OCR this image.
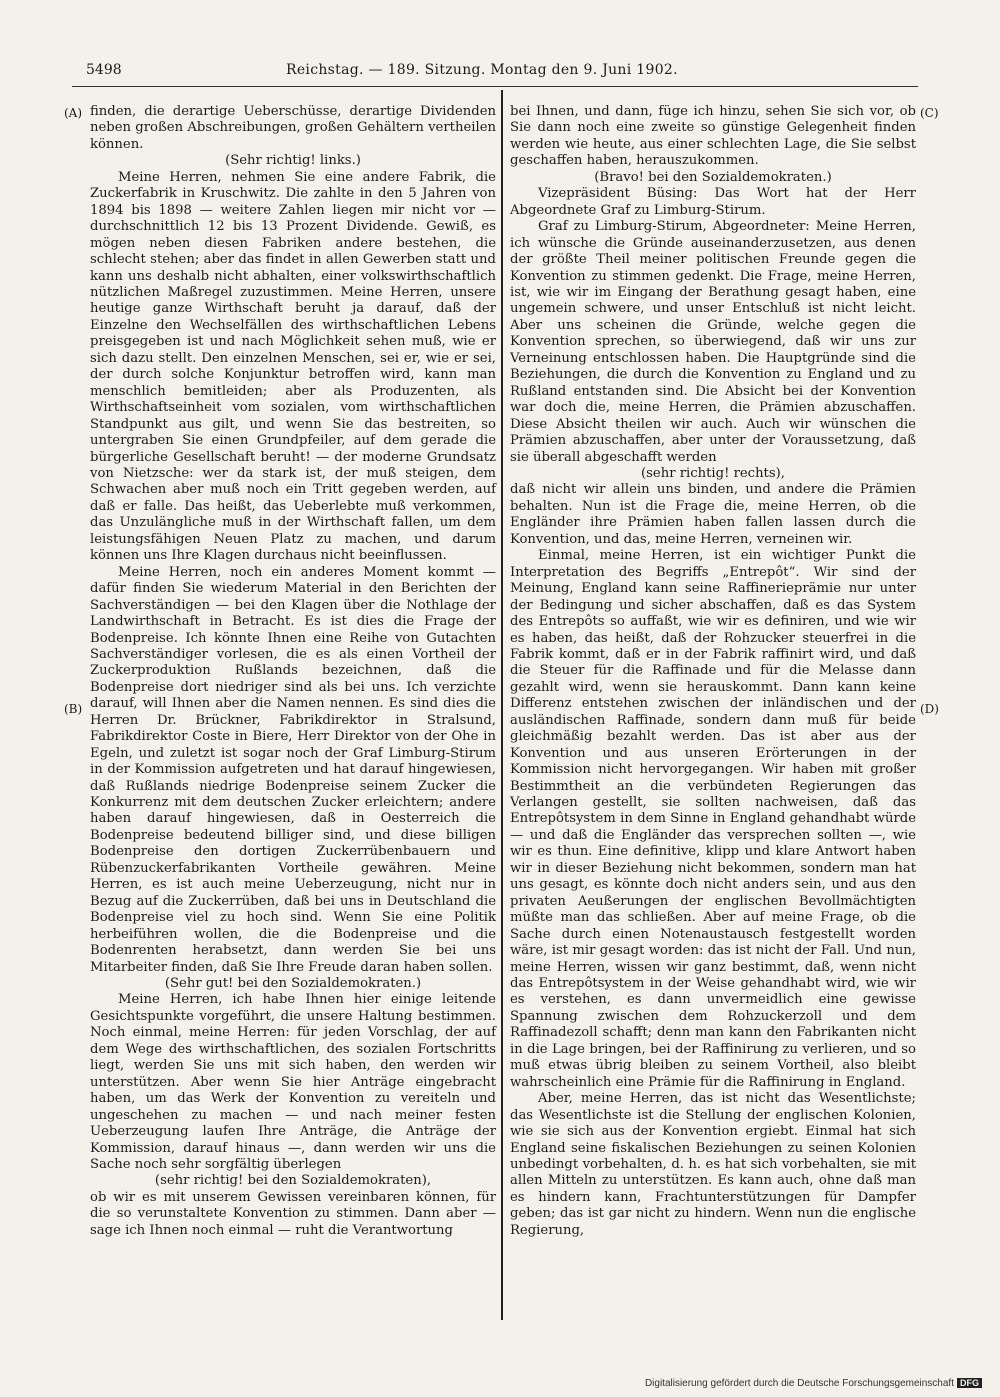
5498	Reichstag. — 189. Sitzung. Montag den 9. Juni 1902.
(A)
(B)
(C)
(D)

finden, die derartige Ueberschüsse, derartige Dividenden neben großen Abschreibungen, großen Gehältern vertheilen können.

(Sehr richtig! links.)

Meine Herren, nehmen Sie eine andere Fabrik, die Zuckerfabrik in Kruschwitz. Die zahlte in den 5 Jahren von 1894 bis 1898 — weitere Zahlen liegen mir nicht vor — durchschnittlich 12 bis 13 Prozent Dividende. Gewiß, es mögen neben diesen Fabriken andere bestehen, die schlecht stehen; aber das findet in allen Gewerben statt und kann uns deshalb nicht abhalten, einer volkswirthschaftlich nützlichen Maßregel zuzustimmen. Meine Herren, unsere heutige ganze Wirthschaft beruht ja darauf, daß der Einzelne den Wechselfällen des wirthschaftlichen Lebens preisgegeben ist und nach Möglichkeit sehen muß, wie er sich dazu stellt. Den einzelnen Menschen, sei er, wie er sei, der durch solche Konjunktur betroffen wird, kann man menschlich bemitleiden; aber als Produzenten, als Wirthschaftseinheit vom sozialen, vom wirthschaftlichen Standpunkt aus gilt, und wenn Sie das bestreiten, so untergraben Sie einen Grundpfeiler, auf dem gerade die bürgerliche Gesellschaft beruht! — der moderne Grundsatz von Nietzsche: wer da stark ist, der muß steigen, dem Schwachen aber muß noch ein Tritt gegeben werden, auf daß er falle. Das heißt, das Ueberlebte muß verkommen, das Unzulängliche muß in der Wirthschaft fallen, um dem leistungsfähigen Neuen Platz zu machen, und darum können uns Ihre Klagen durchaus nicht beeinflussen.

Meine Herren, noch ein anderes Moment kommt — dafür finden Sie wiederum Material in den Berichten der Sachverständigen — bei den Klagen über die Nothlage der Landwirthschaft in Betracht. Es ist dies die Frage der Bodenpreise. Ich könnte Ihnen eine Reihe von Gutachten Sachverständiger vorlesen, die es als einen Vortheil der Zuckerproduktion Rußlands bezeichnen, daß die Bodenpreise dort niedriger sind als bei uns. Ich verzichte darauf, will Ihnen aber die Namen nennen. Es sind dies die Herren Dr. Brückner, Fabrikdirektor in Stralsund, Fabrikdirektor Coste in Biere, Herr Direktor von der Ohe in Egeln, und zuletzt ist sogar noch der Graf Limburg-Stirum in der Kommission aufgetreten und hat darauf hingewiesen, daß Rußlands niedrige Bodenpreise seinem Zucker die Konkurrenz mit dem deutschen Zucker erleichtern; andere haben darauf hingewiesen, daß in Oesterreich die Bodenpreise bedeutend billiger sind, und diese billigen Bodenpreise den dortigen Zuckerrübenbauern und Rübenzuckerfabrikanten Vortheile gewähren. Meine Herren, es ist auch meine Ueberzeugung, nicht nur in Bezug auf die Zuckerrüben, daß bei uns in Deutschland die Bodenpreise viel zu hoch sind. Wenn Sie eine Politik herbeiführen wollen, die die Bodenpreise und die Bodenrenten herabsetzt, dann werden Sie bei uns Mitarbeiter finden, daß Sie Ihre Freude daran haben sollen.

(Sehr gut! bei den Sozialdemokraten.)

Meine Herren, ich habe Ihnen hier einige leitende Gesichtspunkte vorgeführt, die unsere Haltung bestimmen. Noch einmal, meine Herren: für jeden Vorschlag, der auf dem Wege des wirthschaftlichen, des sozialen Fortschritts liegt, werden Sie uns mit sich haben, den werden wir unterstützen. Aber wenn Sie hier Anträge eingebracht haben, um das Werk der Konvention zu vereiteln und ungeschehen zu machen — und nach meiner festen Ueberzeugung laufen Ihre Anträge, die Anträge der Kommission, darauf hinaus —, dann werden wir uns die Sache noch sehr sorgfältig überlegen

(sehr richtig! bei den Sozialdemokraten),

ob wir es mit unserem Gewissen vereinbaren können, für die so verunstaltete Konvention zu stimmen. Dann aber — sage ich Ihnen noch einmal — ruht die Verantwortung

bei Ihnen, und dann, füge ich hinzu, sehen Sie sich vor, ob Sie dann noch eine zweite so günstige Gelegenheit finden werden wie heute, aus einer schlechten Lage, die Sie selbst geschaffen haben, herauszukommen.

(Bravo! bei den Sozialdemokraten.)

Vizepräsident Büsing: Das Wort hat der Herr Abgeordnete Graf zu Limburg-Stirum.

Graf zu Limburg-Stirum, Abgeordneter: Meine Herren, ich wünsche die Gründe auseinanderzusetzen, aus denen der größte Theil meiner politischen Freunde gegen die Konvention zu stimmen gedenkt. Die Frage, meine Herren, ist, wie wir im Eingang der Berathung gesagt haben, eine ungemein schwere, und unser Entschluß ist nicht leicht. Aber uns scheinen die Gründe, welche gegen die Konvention sprechen, so überwiegend, daß wir uns zur Verneinung entschlossen haben. Die Hauptgründe sind die Beziehungen, die durch die Konvention zu England und zu Rußland entstanden sind. Die Absicht bei der Konvention war doch die, meine Herren, die Prämien abzuschaffen. Diese Absicht theilen wir auch. Auch wir wünschen die Prämien abzuschaffen, aber unter der Voraussetzung, daß sie überall abgeschafft werden

(sehr richtig! rechts),

daß nicht wir allein uns binden, und andere die Prämien behalten. Nun ist die Frage die, meine Herren, ob die Engländer ihre Prämien haben fallen lassen durch die Konvention, und das, meine Herren, verneinen wir.

Einmal, meine Herren, ist ein wichtiger Punkt die Interpretation des Begriffs „Entrepôt“. Wir sind der Meinung, England kann seine Raffinerieprämie nur unter der Bedingung und sicher abschaffen, daß es das System des Entrepôts so auffaßt, wie wir es definiren, und wie wir es haben, das heißt, daß der Rohzucker steuerfrei in die Fabrik kommt, daß er in der Fabrik raffinirt wird, und daß die Steuer für die Raffinade und für die Melasse dann gezahlt wird, wenn sie herauskommt. Dann kann keine Differenz entstehen zwischen der inländischen und der ausländischen Raffinade, sondern dann muß für beide gleichmäßig bezahlt werden. Das ist aber aus der Konvention und aus unseren Erörterungen in der Kommission nicht hervorgegangen. Wir haben mit großer Bestimmtheit an die verbündeten Regierungen das Verlangen gestellt, sie sollten nachweisen, daß das Entrepôtsystem in dem Sinne in England gehandhabt würde — und daß die Engländer das versprechen sollten —, wie wir es thun. Eine definitive, klipp und klare Antwort haben wir in dieser Beziehung nicht bekommen, sondern man hat uns gesagt, es könnte doch nicht anders sein, und aus den privaten Aeußerungen der englischen Bevollmächtigten müßte man das schließen. Aber auf meine Frage, ob die Sache durch einen Notenaustausch festgestellt worden wäre, ist mir gesagt worden: das ist nicht der Fall. Und nun, meine Herren, wissen wir ganz bestimmt, daß, wenn nicht das Entrepôtsystem in der Weise gehandhabt wird, wie wir es verstehen, es dann unvermeidlich eine gewisse Spannung zwischen dem Rohzuckerzoll und dem Raffinadezoll schafft; denn man kann den Fabrikanten nicht in die Lage bringen, bei der Raffinirung zu verlieren, und so muß etwas übrig bleiben zu seinem Vortheil, also bleibt wahrscheinlich eine Prämie für die Raffinirung in England.

Aber, meine Herren, das ist nicht das Wesentlichste; das Wesentlichste ist die Stellung der englischen Kolonien, wie sie sich aus der Konvention ergiebt. Einmal hat sich England seine fiskalischen Beziehungen zu seinen Kolonien unbedingt vorbehalten, d. h. es hat sich vorbehalten, sie mit allen Mitteln zu unterstützen. Es kann auch, ohne daß man es hindern kann, Frachtunterstützungen für Dampfer geben; das ist gar nicht zu hindern. Wenn nun die englische Regierung,

Digitalisierung gefördert durch die Deutsche Forschungsgemeinschaft DFG
